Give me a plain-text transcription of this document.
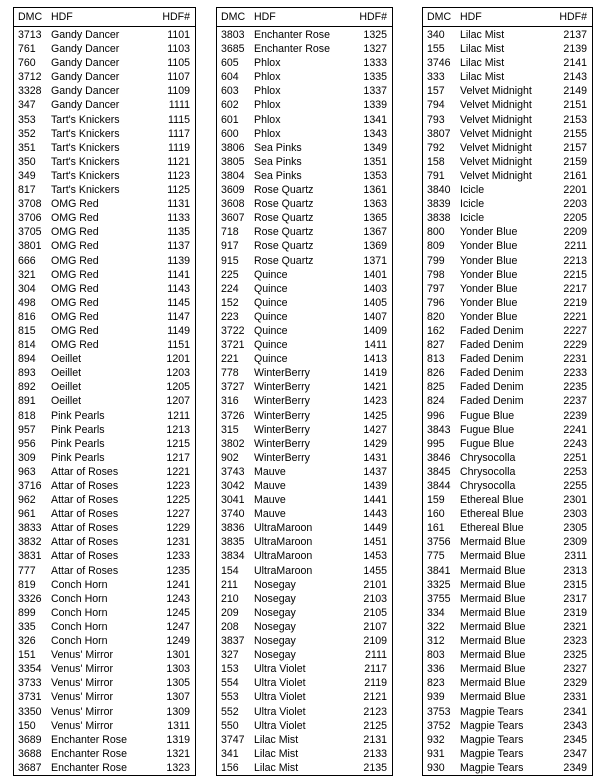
DMC HDF	HDF#
3713 Gandy Dancer	1101
761	Gandy Dancer	1103
760	Gandy Dancer	1105
3712 Gandy Dancer	1107
3328 Gandy Dancer	1109
347	Gandy Dancer	1111
353	Tart's Knickers	1115
352	Tart's Knickers	1117
351	Tart's Knickers	1119
350	Tart's Knickers	1121
349	Tart's Knickers	1123
817	Tart's Knickers	1125
3708 OMG Red	1131
3706 OMG Red	1133
3705 OMG Red	1135
3801 OMG Red	1137
666	OMG Red	1139
321	OMG Red	1141
304	OMG Red	1143
498	OMG Red	1145
816	OMG Red	1147
815	OMG Red	1149
814	OMG Red	1151
894	Oeillet	1201
893	Oeillet	1203
892	Oeillet	1205
891	Oeillet	1207
818	Pink Pearls	1211
957	Pink Pearls	1213
956	Pink Pearls	1215
309	Pink Pearls	1217
963	Attar of Roses	1221
3716 Attar of Roses	1223
962	Attar of Roses	1225
961	Attar of Roses	1227
3833 Attar of Roses	1229
3832 Attar of Roses	1231
3831 Attar of Roses	1233
777	Attar of Roses	1235
819	Conch Horn	1241
3326 Conch Horn	1243
899	Conch Horn	1245
335	Conch Horn	1247
326	Conch Horn	1249
151	Venus' Mirror	1301
3354 Venus' Mirror	1303
3733 Venus' Mirror	1305
3731 Venus' Mirror	1307
3350 Venus' Mirror	1309
150	Venus' Mirror	1311
3689 Enchanter Rose	1319
3688 Enchanter Rose	1321
3687 Enchanter Rose	1323
DMC HDF	HDF#
3803 Enchanter Rose	1325
3685 Enchanter Rose	1327
605	Phlox	1333
604	Phlox	1335
603	Phlox	1337
602	Phlox	1339
601	Phlox	1341
600	Phlox	1343
3806 Sea Pinks	1349
3805 Sea Pinks	1351
3804 Sea Pinks	1353
3609 Rose Quartz	1361
3608 Rose Quartz	1363
3607 Rose Quartz	1365
718	Rose Quartz	1367
917	Rose Quartz	1369
915	Rose Quartz	1371
225	Quince	1401
224	Quince	1403
152	Quince	1405
223	Quince	1407
3722 Quince	1409
3721 Quince	1411
221	Quince	1413
778	WinterBerry	1419
3727 WinterBerry	1421
316	WinterBerry	1423
3726 WinterBerry	1425
315	WinterBerry	1427
3802 WinterBerry	1429
902	WinterBerry	1431
3743 Mauve	1437
3042 Mauve	1439
3041 Mauve	1441
3740 Mauve	1443
3836 UltraMaroon	1449
3835 UltraMaroon	1451
3834 UltraMaroon	1453
154	UltraMaroon	1455
211	Nosegay	2101
210	Nosegay	2103
209	Nosegay	2105
208	Nosegay	2107
3837 Nosegay	2109
327	Nosegay	2111
153	Ultra Violet	2117
554	Ultra Violet	2119
553	Ultra Violet	2121
552	Ultra Violet	2123
550	Ultra Violet	2125
3747 Lilac Mist	2131
341	Lilac Mist	2133
156	Lilac Mist	2135
DMC HDF	HDF#
340	Lilac Mist	2137
155	Lilac Mist	2139
3746 Lilac Mist	2141
333	Lilac Mist	2143
157	Velvet Midnight	2149
794	Velvet Midnight	2151
793	Velvet Midnight	2153
3807 Velvet Midnight	2155
792	Velvet Midnight	2157
158	Velvet Midnight	2159
791	Velvet Midnight	2161
3840 Icicle	2201
3839 Icicle	2203
3838 Icicle	2205
800	Yonder Blue	2209
809	Yonder Blue	2211
799	Yonder Blue	2213
798	Yonder Blue	2215
797	Yonder Blue	2217
796	Yonder Blue	2219
820	Yonder Blue	2221
162	Faded Denim	2227
827	Faded Denim	2229
813	Faded Denim	2231
826	Faded Denim	2233
825	Faded Denim	2235
824	Faded Denim	2237
996	Fugue Blue	2239
3843 Fugue Blue	2241
995	Fugue Blue	2243
3846 Chrysocolla	2251
3845 Chrysocolla	2253
3844 Chrysocolla	2255
159	Ethereal Blue	2301
160	Ethereal Blue	2303
161	Ethereal Blue	2305
3756 Mermaid Blue	2309
775	Mermaid Blue	2311
3841 Mermaid Blue	2313
3325 Mermaid Blue	2315
3755 Mermaid Blue	2317
334	Mermaid Blue	2319
322	Mermaid Blue	2321
312	Mermaid Blue	2323
803	Mermaid Blue	2325
336	Mermaid Blue	2327
823	Mermaid Blue	2329
939	Mermaid Blue	2331
3753 Magpie Tears	2341
3752 Magpie Tears	2343
932	Magpie Tears	2345
931	Magpie Tears	2347
930	Magpie Tears	2349
